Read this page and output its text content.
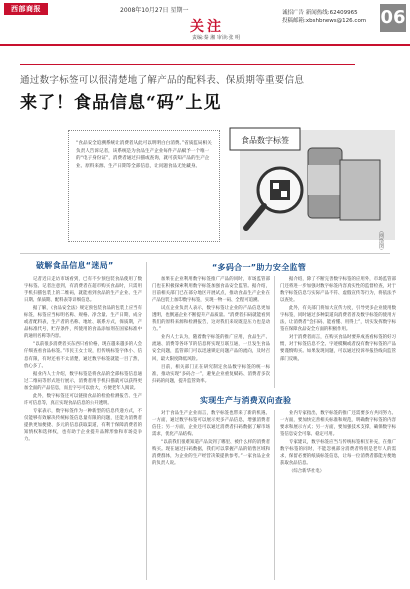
西部商报	2008年10月27日 星期一
关注
责编:秦 湘 审读:张 明
诚招广告 新闻热线:62409965
投稿邮箱:xbshbnews@126.com 06
通过数字标签可以很清楚地了解产品的配料表、保质期等重要信息
来了！食品信息“码”上见
“食品安全追溯系统让消费者从此可以明明白白消费。”省质监局相关负责人告诉记者，该系统是为食品生产企业每件产品赋予一个唯一的“电子身份证”，消费者通过扫描或查询，就可获知产品的生产企业、原料来源、生产日期等全部信息，让问题食品无处藏身。
食品数字标签
（网络图）
破解食品信息“迷局”

记者近日走访市场看到，已有不少预包装食品使用了数字标签。记者注意到，有消费者在超市购买食品时，只需用手机扫描包装上的二维码，就能看到食品的生产企业、生产日期、保质期、配料表等详细信息。

据了解，《食品安全法》规定预包装食品的包装上应当有标签，标签应当标明名称、规格、净含量、生产日期，成分或者配料表，生产者的名称、地址、联系方式，保质期，产品标准代号，贮存条件，所使用的食品添加剂在国家标准中的通用名称等内容。

“以前很多消费者买东西只看价格，现在越来越多的人会仔细查看食品标签。”市民王女士说，但传统标签字体小、信息有限，有时还看不太清楚，通过数字标签就能一目了然，放心多了。

据业内人士介绍，数字标签是将食品的全部标签信息通过二维码等形式进行展示，消费者用手机扫描就可以获得更加全面的产品信息，而且字号可以放大，方便老年人阅读。

此外，数字标签还可以链接食品的检验检测报告、生产许可信息等，真正实现食品信息的公开透明。

专家表示，数字标签作为一种新型的信息传递方式，不仅能够有效解决传统标签信息量有限的问题，还能为消费者提供更加便捷、多元的信息获取渠道，有利于保障消费者的知情权和选择权，也有助于企业提升品牌形象和市场竞争力。

“多码合一”助力安全监管

加果在企业利用数字标签推广产品的同时，市场监管部门也在积极探索利用数字标签加强食品安全监管。据介绍，目前相关部门已在部分地区开展试点，推动食品生产企业在产品包装上加印数字标签，实现一物一码、全程可追溯。

试点企业负责人表示，数字标签让企业的产品信息更加透明，也倒逼企业不断提升产品质量。“消费者扫码就能看到我们的原料来源和检测报告，这对我们来说既是压力也是动力。”

业内人士认为，随着数字标签的推广应用，食品生产、流通、消费等各环节的信息将实现互联互通，一旦发生食品安全问题，监管部门可以迅速锁定问题产品的流向，及时召回，最大限度降低风险。

目前，相关部门正在研究制定食品数字标签的统一标准，推动实现“多码合一”，避免企业重复赋码、消费者多次扫码的问题，提升监管效率。

据介绍，除了不断完善数字标签的应用外，市场监管部门还将进一步加强对数字标签内容真实性的监督检查，对于数字标签信息与实际产品不符、虚假宣传等行为，将依法予以查处。

此外，有关部门将加大宣传力度，引导更多企业使用数字标签，同时通过多种渠道向消费者普及数字标签的使用方法，让消费者“会扫码、能看懂、用得上”，切实发挥数字标签在保障食品安全方面的积极作用。

对于消费者而言，在购买食品时要养成查看标签的好习惯，对于标签信息不全、字迹模糊或者没有数字标签的产品要谨慎购买。如果发现问题，可以通过投诉举报热线向监管部门反映。

实现生产与消费双向查验

对于食品生产企业而言，数字标签也带来了新的机遇。一方面，通过数字标签可以展示更多产品信息，增强消费者信任；另一方面，企业还可以通过消费者扫码数据了解市场需求，优化产品结构。

“以前我们很难知道产品卖到了哪里、被什么样的消费者购买。现在通过扫码数据，我们可以掌握产品的销售区域和消费群体，为企业的生产经营决策提供参考。”一家食品企业的负责人说。

业内专家指出，数字标签的推广还需要多方共同努力。一方面，要加快完善相关标准和规范，明确数字标签的内容要求和展示方式；另一方面，要加强技术支撑，确保数字标签信息安全可靠、稳定可用。

专家建议，数字标签应当与传统标签相互补充，在推广数字标签的同时，不能忽视部分消费者特别是老年人的需求，保留必要的纸质标签信息，让每一位消费者都能方便地获取食品信息。

（综合新华社电）
